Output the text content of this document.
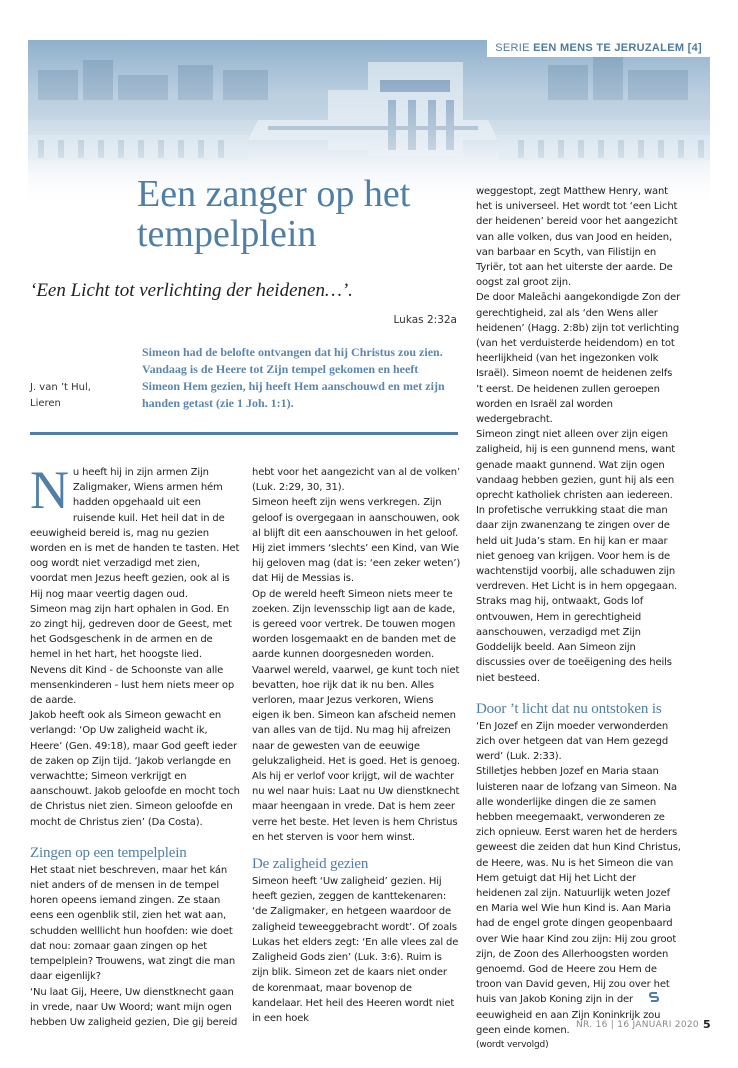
SERIE EEN MENS TE JERUZALEM [4]
Een zanger op het tempelplein

‘Een Licht tot verlichting der heidenen…’.

Lukas 2:32a
J. van ’t Hul,
Lieren

Simeon had de belofte ontvangen dat hij Christus zou zien. Vandaag is de Heere tot Zijn tempel gekomen en heeft Simeon Hem gezien, hij heeft Hem aanschouwd en met zijn handen getast (zie 1 Joh. 1:1).

Nu heeft hij in zijn armen Zijn Zaligmaker, Wiens armen hém hadden opgehaald uit een ruisende kuil. Het heil dat in de eeuwigheid bereid is, mag nu gezien worden en is met de handen te tasten. Het oog wordt niet verzadigd met zien, voordat men Jezus heeft gezien, ook al is Hij nog maar veertig dagen oud.

Simeon mag zijn hart ophalen in God. En zo zingt hij, gedreven door de Geest, met het Godsgeschenk in de armen en de hemel in het hart, het hoogste lied. Nevens dit Kind - de Schoonste van alle mensenkinderen - lust hem niets meer op de aarde.

Jakob heeft ook als Simeon gewacht en verlangd: ‘Op Uw zaligheid wacht ik, Heere’ (Gen. 49:18), maar God geeft ieder de zaken op Zijn tijd. ‘Jakob verlangde en verwachtte; Simeon verkrijgt en aanschouwt. Jakob geloofde en mocht toch de Christus niet zien. Simeon geloofde en mocht de Christus zien’ (Da Costa).

Zingen op een tempelplein

Het staat niet beschreven, maar het kán niet anders of de mensen in de tempel horen opeens iemand zingen. Ze staan eens een ogenblik stil, zien het wat aan, schudden welllicht hun hoofden: wie doet dat nou: zomaar gaan zingen op het tempelplein? Trouwens, wat zingt die man daar eigenlijk?

‘Nu laat Gij, Heere, Uw dienstknecht gaan in vrede, naar Uw Woord; want mijn ogen hebben Uw zaligheid gezien, Die gij bereid

hebt voor het aangezicht van al de volken’ (Luk. 2:29, 30, 31).

Simeon heeft zijn wens verkregen. Zijn geloof is overgegaan in aanschouwen, ook al blijft dit een aanschouwen in het geloof. Hij ziet immers ‘slechts’ een Kind, van Wie hij geloven mag (dat is: ‘een zeker weten’) dat Hij de Messias is.

Op de wereld heeft Simeon niets meer te zoeken. Zijn levensschip ligt aan de kade, is gereed voor vertrek. De touwen mogen worden losgemaakt en de banden met de aarde kunnen doorgesneden worden. Vaarwel wereld, vaarwel, ge kunt toch niet bevatten, hoe rijk dat ik nu ben. Alles verloren, maar Jezus verkoren, Wiens eigen ik ben. Simeon kan afscheid nemen van alles van de tijd. Nu mag hij afreizen naar de gewesten van de eeuwige gelukzaligheid. Het is goed. Het is genoeg. Als hij er verlof voor krijgt, wil de wachter nu wel naar huis: Laat nu Uw dienstknecht maar heengaan in vrede. Dat is hem zeer verre het beste. Het leven is hem Christus en het sterven is voor hem winst.

De zaligheid gezien

Simeon heeft ‘Uw zaligheid’ gezien. Hij heeft gezien, zeggen de kanttekenaren: ‘de Zaligmaker, en hetgeen waardoor de zaligheid teweeggebracht wordt’. Of zoals Lukas het elders zegt: ‘En alle vlees zal de Zaligheid Gods zien’ (Luk. 3:6). Ruim is zijn blik. Simeon zet de kaars niet onder de korenmaat, maar bovenop de kandelaar. Het heil des Heeren wordt niet in een hoek

weggestopt, zegt Matthew Henry, want het is universeel. Het wordt tot ‘een Licht der heidenen’ bereid voor het aangezicht van alle volken, dus van Jood en heiden, van barbaar en Scyth, van Filistijn en Tyriër, tot aan het uiterste der aarde. De oogst zal groot zijn.

De door Maleāchi aangekondigde Zon der gerechtigheid, zal als ‘den Wens aller heidenen’ (Hagg. 2:8b) zijn tot verlichting (van het verduisterde heidendom) en tot heerlijkheid (van het ingezonken volk Israël). Simeon noemt de heidenen zelfs ’t eerst. De heidenen zullen geroepen worden en Israël zal worden wedergebracht.

Simeon zingt niet alleen over zijn eigen zaligheid, hij is een gunnend mens, want genade maakt gunnend. Wat zijn ogen vandaag hebben gezien, gunt hij als een oprecht katholiek christen aan iedereen.

In profetische verrukking staat die man daar zijn zwanenzang te zingen over de held uit Juda’s stam. En hij kan er maar niet genoeg van krijgen. Voor hem is de wachtenstijd voorbij, alle schaduwen zijn verdreven. Het Licht is in hem opgegaan. Straks mag hij, ontwaakt, Gods lof ontvouwen, Hem in gerechtigheid aanschouwen, verzadigd met Zijn Goddelijk beeld. Aan Simeon zijn discussies over de toeëigening des heils niet besteed.

Door ’t licht dat nu ontstoken is

‘En Jozef en Zijn moeder verwonderden zich over hetgeen dat van Hem gezegd werd’ (Luk. 2:33).

Stilletjes hebben Jozef en Maria staan luisteren naar de lofzang van Simeon. Na alle wonderlijke dingen die ze samen hebben meegemaakt, verwonderen ze zich opnieuw. Eerst waren het de herders geweest die zeiden dat hun Kind Christus, de Heere, was. Nu is het Simeon die van Hem getuigt dat Hij het Licht der heidenen zal zijn. Natuurlijk weten Jozef en Maria wel Wie hun Kind is. Aan Maria had de engel grote dingen geopenbaard over Wie haar Kind zou zijn: Hij zou groot zijn, de Zoon des Allerhoogsten worden genoemd. God de Heere zou Hem de troon van David geven, Hij zou over het huis van Jakob Koning zijn in der eeuwigheid en aan Zijn Koninkrijk zou geen einde komen.

(wordt vervolgd)

NR. 16 | 16 JANUARI 2020 5
